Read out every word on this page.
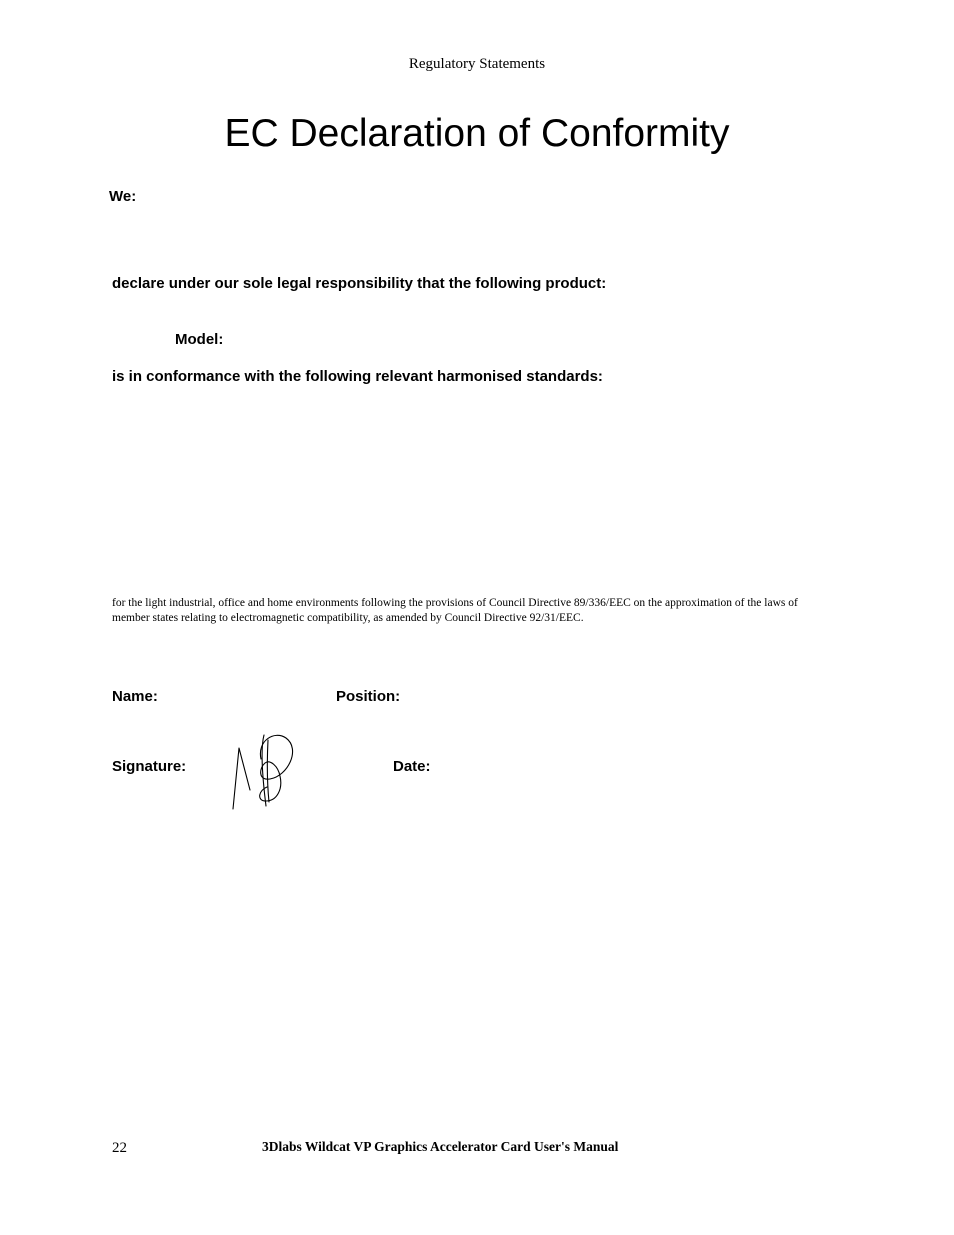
Regulatory Statements
EC Declaration of Conformity
We:
declare under our sole legal responsibility that the following product:
Model:
is in conformance with the following relevant harmonised standards:

for the light industrial, office and home environments following the provisions of Council Directive 89/336/EEC on the approximation of the laws of member states relating to electromagnetic compatibility, as amended by Council Directive 92/31/EEC.

Name:	Position:
Signature:	Date:
22	3Dlabs Wildcat VP Graphics Accelerator Card User's Manual
